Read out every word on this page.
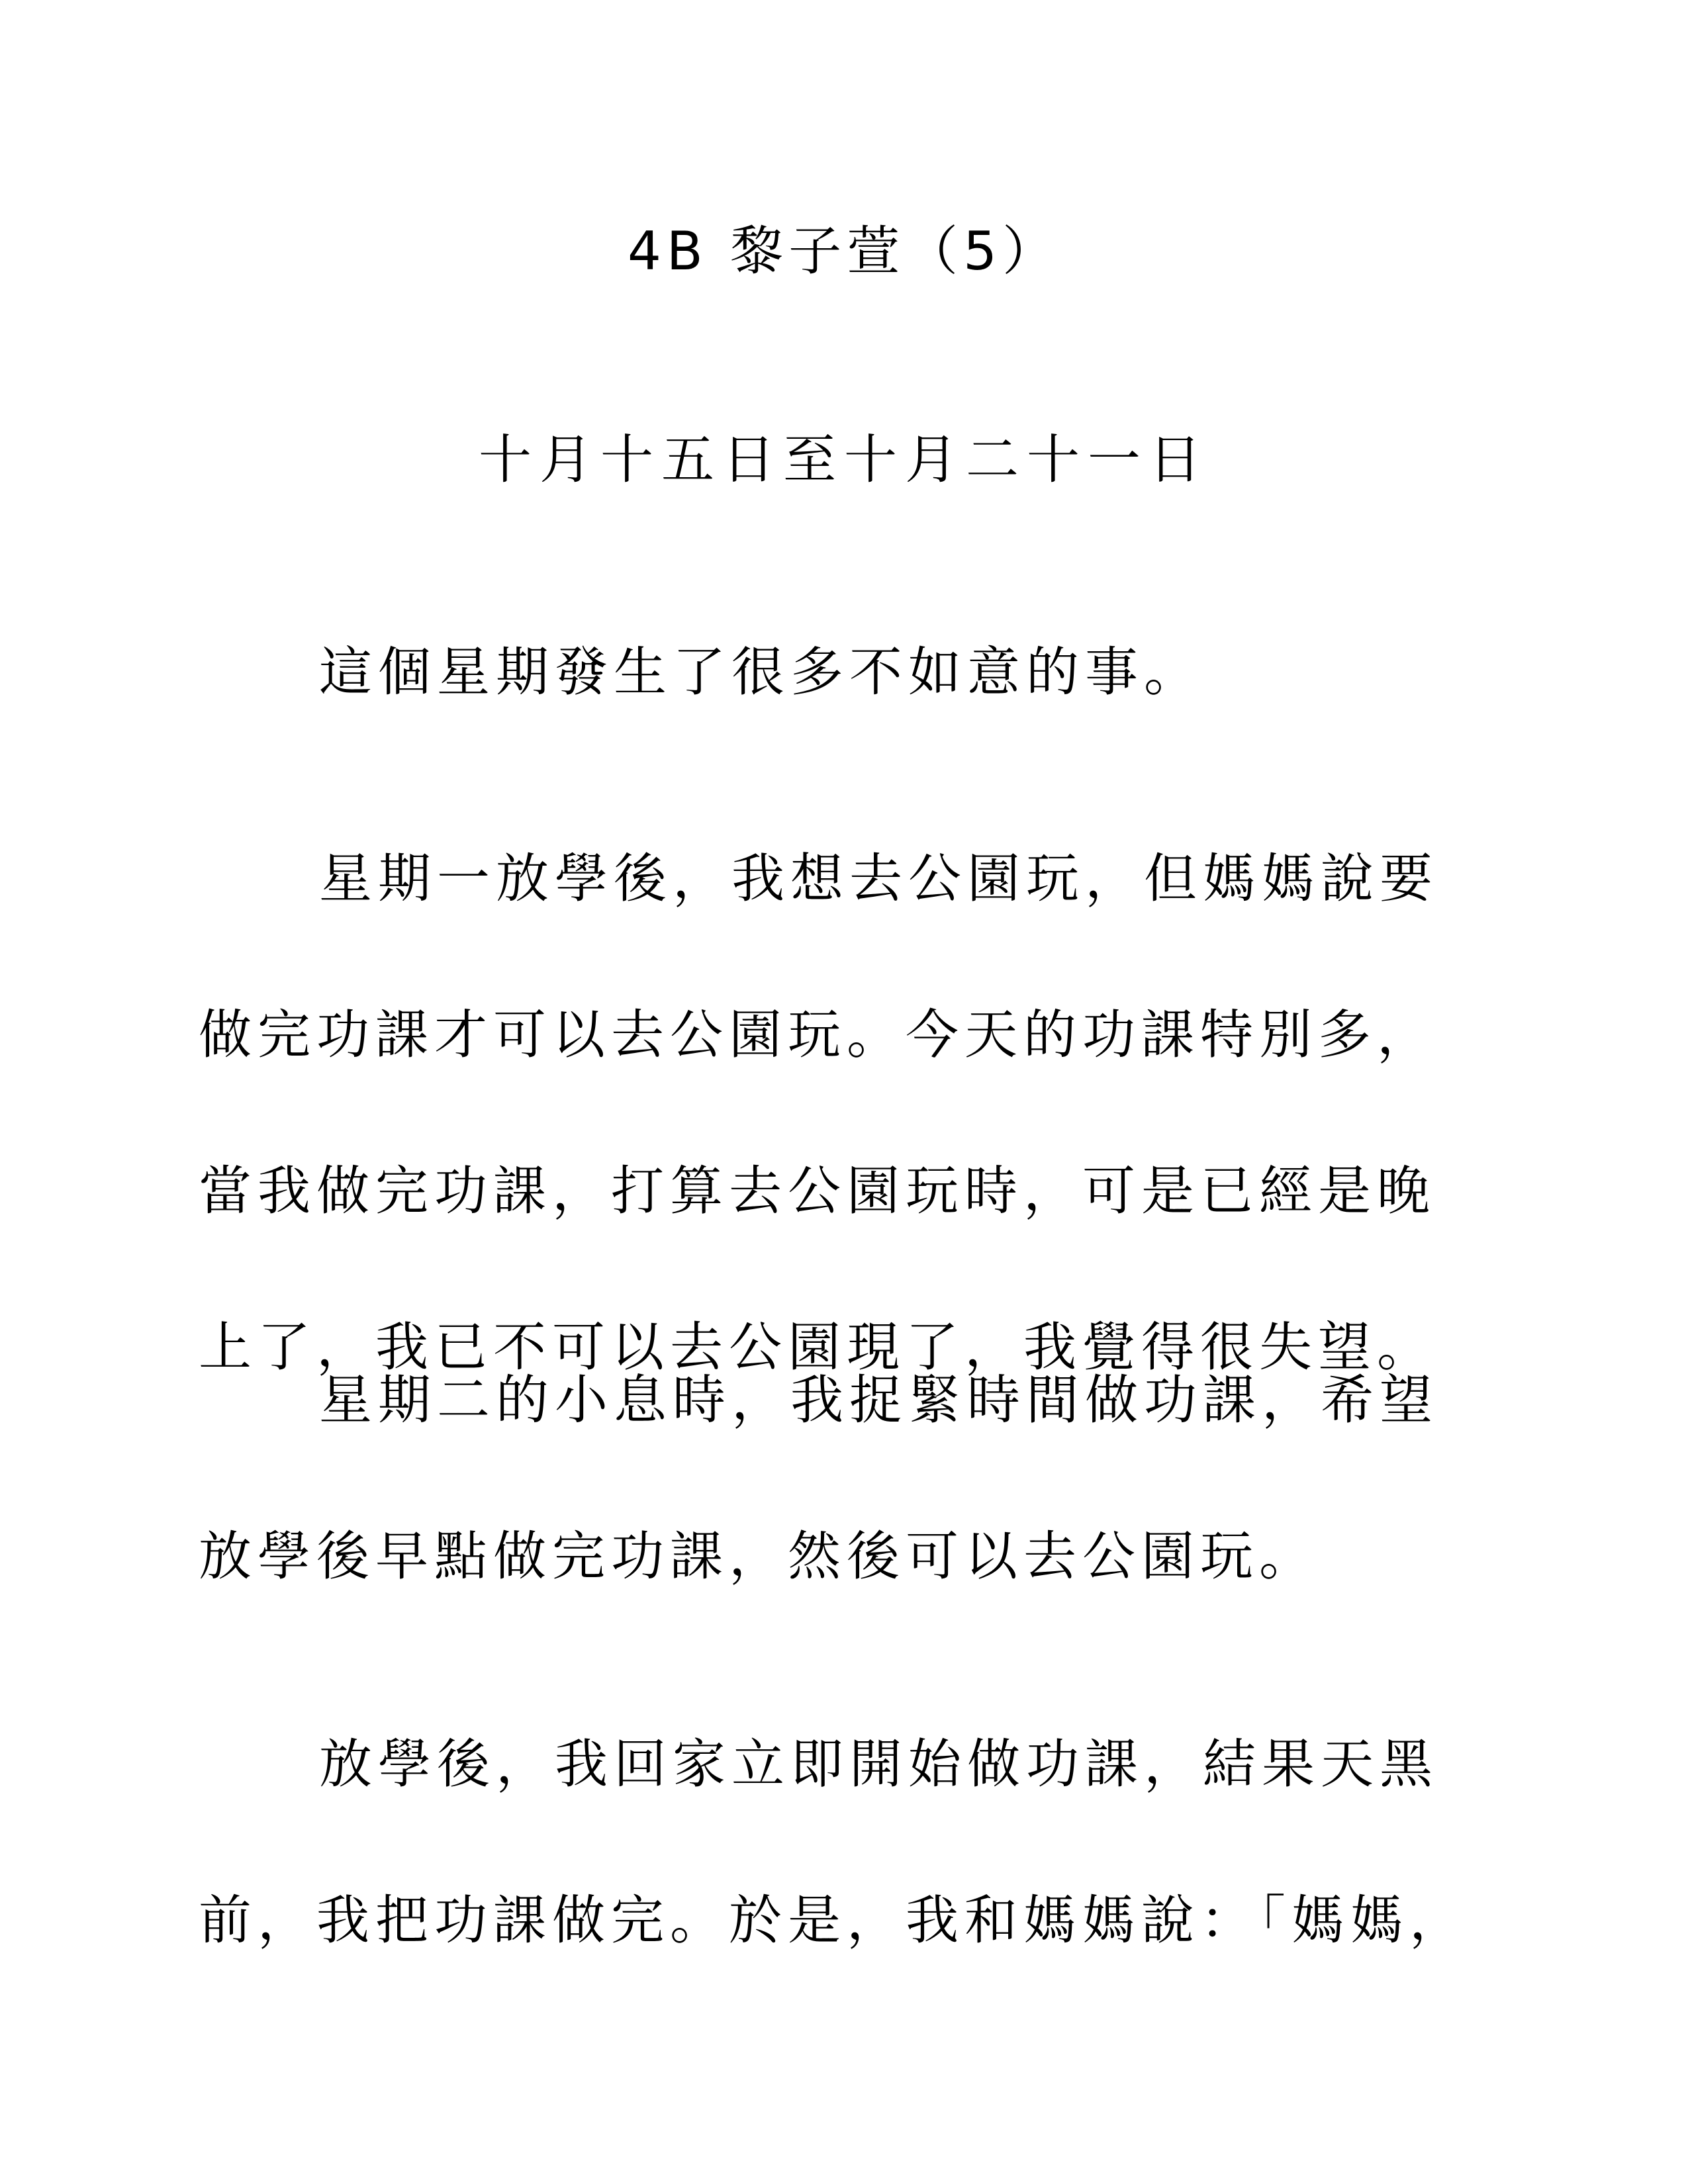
4B 黎子萱（5）
十月十五日至十月二十一日
這個星期發生了很多不如意的事。
星期一放學後，我想去公園玩，但媽媽說要
做完功課才可以去公園玩。今天的功課特別多，
當我做完功課，打算去公園玩時，可是已經是晚
上了，我已不可以去公園現了，我覺得很失望。
星期二的小息時，我捉緊時間做功課，希望
放學後早點做完功課，然後可以去公園玩。
放學後，我回家立即開始做功課，結果天黑
前，我把功課做完。於是，我和媽媽說：「媽媽，
